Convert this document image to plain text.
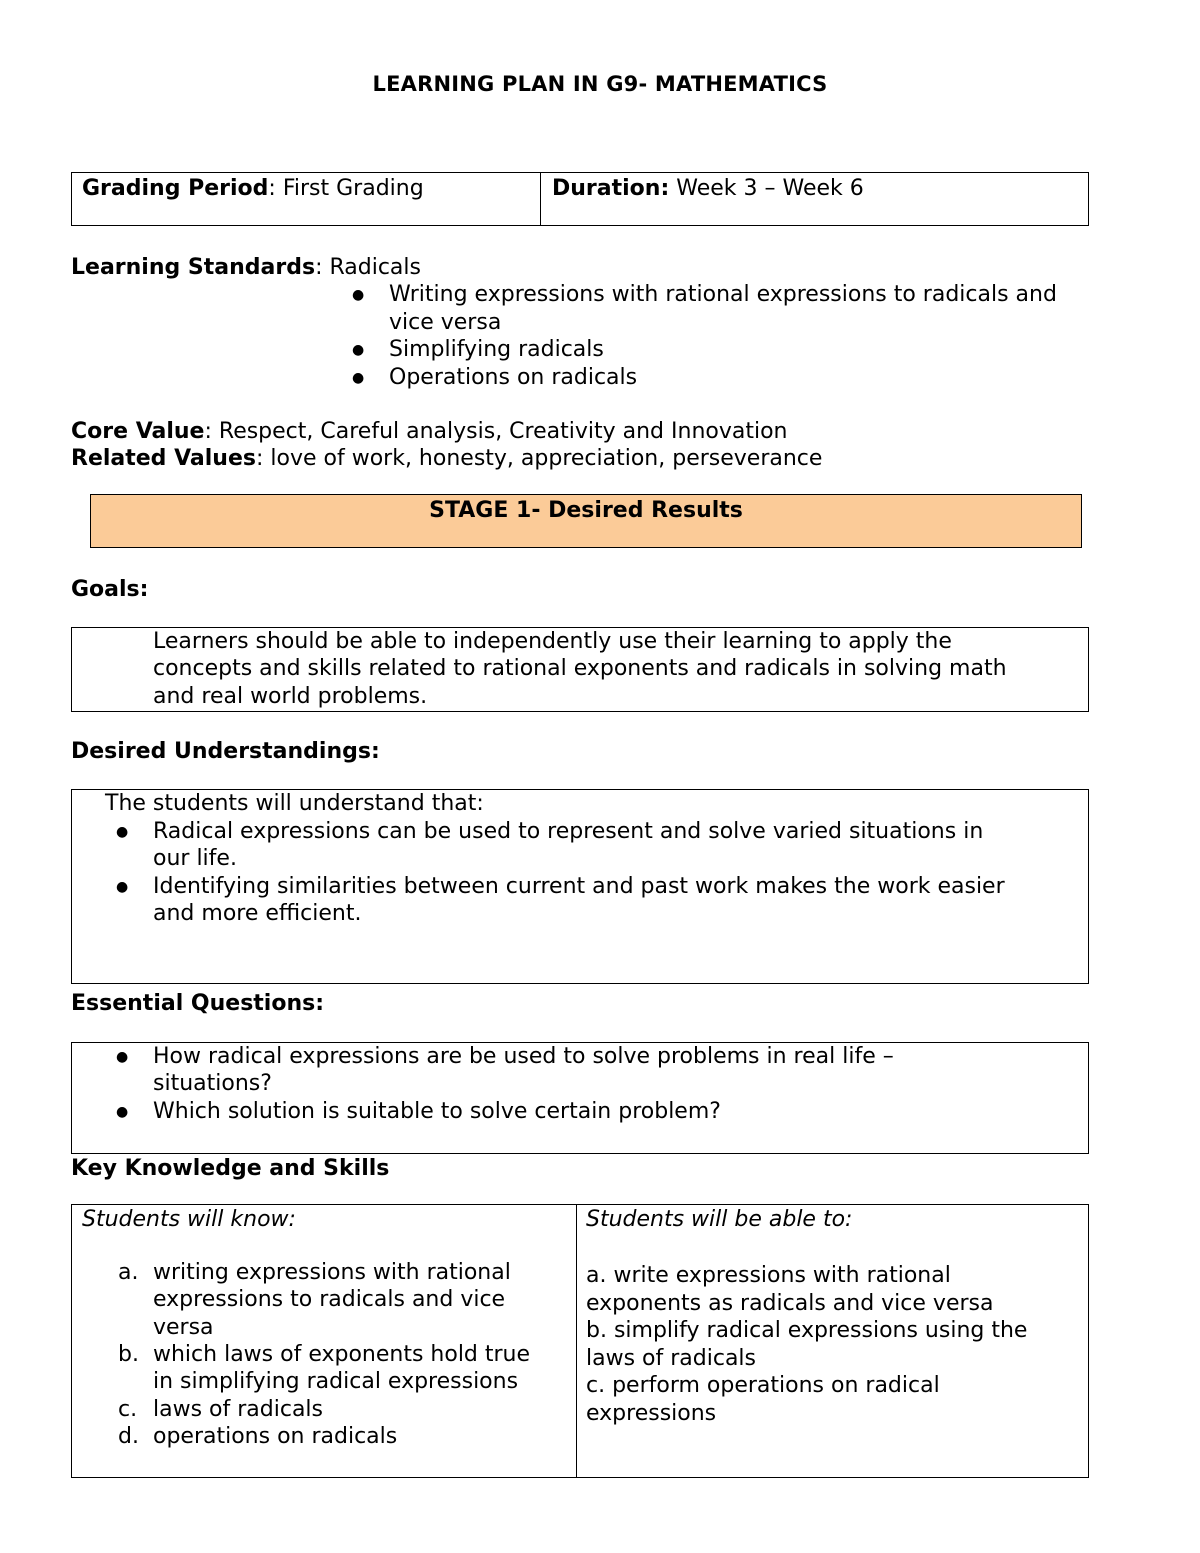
LEARNING PLAN IN G9- MATHEMATICS
Grading Period: First Grading	Duration: Week 3 – Week 6
Learning Standards: Radicals
● Writing expressions with rational expressions to radicals and
vice versa
● Simplifying radicals
● Operations on radicals
Core Value: Respect, Careful analysis, Creativity and Innovation
Related Values: love of work, honesty, appreciation, perseverance
STAGE 1- Desired Results
Goals:
Learners should be able to independently use their learning to apply the
concepts and skills related to rational exponents and radicals in solving math
and real world problems.
Desired Understandings:
The students will understand that:
● Radical expressions can be used to represent and solve varied situations in
our life.
● Identifying similarities between current and past work makes the work easier
and more efficient.
Essential Questions:
● How radical expressions are be used to solve problems in real life –
situations?
● Which solution is suitable to solve certain problem?
Key Knowledge and Skills
Students will know:
a. writing expressions with rational
expressions to radicals and vice
versa
b. which laws of exponents hold true
in simplifying radical expressions
c. laws of radicals
d. operations on radicals
Students will be able to:
a. write expressions with rational
exponents as radicals and vice versa
b. simplify radical expressions using the
laws of radicals
c. perform operations on radical
expressions
